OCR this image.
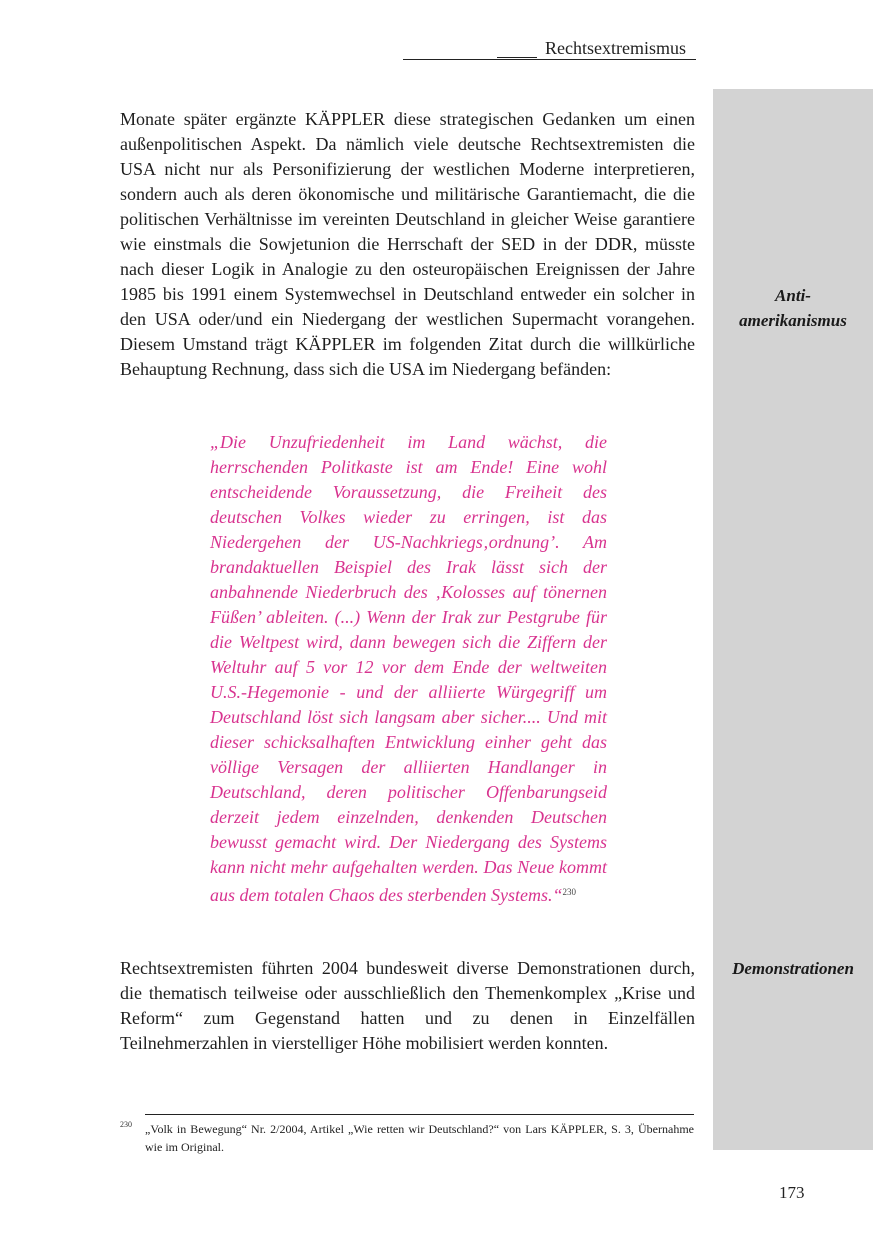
Rechtsextremismus
Anti-
amerikanismus
Demonstrationen

Monate später ergänzte KÄPPLER diese strategischen Gedanken um einen außenpolitischen Aspekt. Da nämlich viele deutsche Rechtsextremisten die USA nicht nur als Personifizierung der westlichen Moderne interpretieren, sondern auch als deren ökonomische und militärische Garantiemacht, die die politischen Verhältnisse im vereinten Deutschland in gleicher Weise garantiere wie einstmals die Sowjetunion die Herrschaft der SED in der DDR, müsste nach dieser Logik in Analogie zu den osteuropäischen Ereignissen der Jahre 1985 bis 1991 einem Systemwechsel in Deutschland entweder ein solcher in den USA oder/und ein Niedergang der westlichen Supermacht vorangehen. Diesem Umstand trägt KÄPPLER im folgenden Zitat durch die willkürliche Behauptung Rechnung, dass sich die USA im Niedergang befänden:

„Die Unzufriedenheit im Land wächst, die herrschenden Politkaste ist am Ende! Eine wohl entscheidende Voraussetzung, die Freiheit des deutschen Volkes wieder zu erringen, ist das Niedergehen der US-Nachkriegs‚ordnung’. Am brandaktuellen Beispiel des Irak lässt sich der anbahnende Niederbruch des ‚Kolosses auf tönernen Füßen’ ableiten. (...) Wenn der Irak zur Pestgrube für die Weltpest wird, dann bewegen sich die Ziffern der Weltuhr auf 5 vor 12 vor dem Ende der weltweiten U.S.-Hegemonie - und der alliierte Würgegriff um Deutschland löst sich langsam aber sicher.... Und mit dieser schicksalhaften Entwicklung einher geht das völlige Versagen der alliierten Handlanger in Deutschland, deren politischer Offenbarungseid derzeit jedem einzelnden, denkenden Deutschen bewusst gemacht wird. Der Niedergang des Systems kann nicht mehr aufgehalten werden. Das Neue kommt aus dem totalen Chaos des sterbenden Systems.“$^{230}$

Rechtsextremisten führten 2004 bundesweit diverse Demonstrationen durch, die thematisch teilweise oder ausschließlich den Themenkomplex „Krise und Reform“ zum Gegenstand hatten und zu denen in Einzelfällen Teilnehmerzahlen in vierstelliger Höhe mobilisiert werden konnten.

230 „Volk in Bewegung“ Nr. 2/2004, Artikel „Wie retten wir Deutschland?“ von Lars KÄPPLER, S. 3, Übernahme wie im Original.

173
